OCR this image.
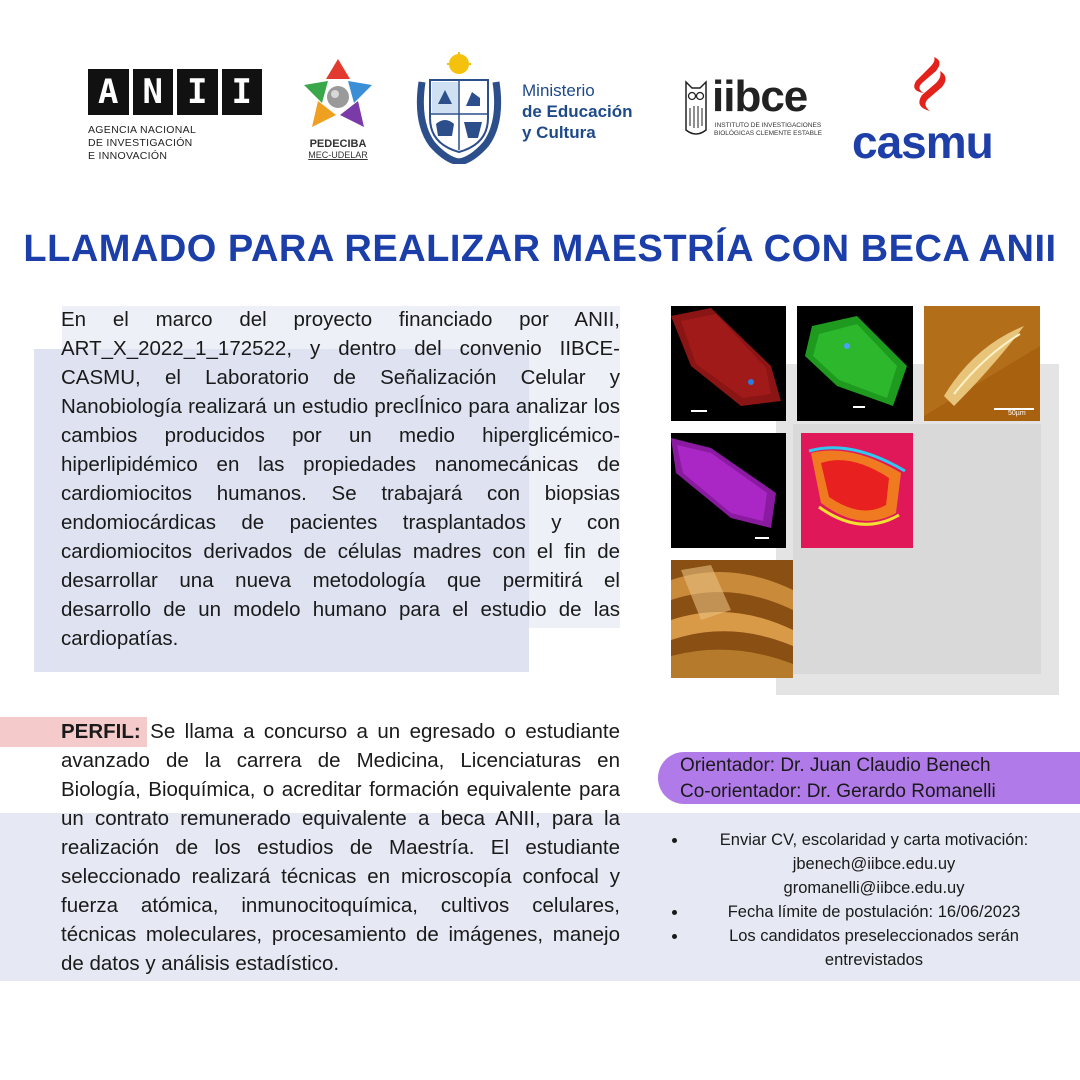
A N I I
AGENCIA NACIONAL
DE INVESTIGACIÓN
E INNOVACIÓN
PEDECIBA
MEC-UDELAR
Ministerio
de Educación
y Cultura
iibce
INSTITUTO DE INVESTIGACIONES BIOLÓGICAS CLEMENTE ESTABLE casmu
LLAMADO PARA REALIZAR MAESTRÍA CON BECA ANII
En el marco del proyecto financiado por ANII, ART_X_2022_1_172522, y dentro del convenio IIBCE-CASMU, el Laboratorio de Señalización Celular y Nanobiología realizará un estudio preclÍnico para analizar los cambios producidos por un medio hiperglicémico-hiperlipidémico en las propiedades nanomecánicas de cardiomiocitos humanos. Se trabajará con biopsias endomiocárdicas de pacientes trasplantados y con cardiomiocitos derivados de células madres con el fin de desarrollar una nueva metodología que permitirá el desarrollo de un modelo humano para el estudio de las cardiopatías.
50µm
PERFIL: Se llama a concurso a un egresado o estudiante avanzado de la carrera de Medicina, Licenciaturas en Biología, Bioquímica, o acreditar formación equivalente para un contrato remunerado equivalente a beca ANII, para la realización de los estudios de Maestría. El estudiante seleccionado realizará técnicas en microscopía confocal y fuerza atómica, inmunocitoquímica, cultivos celulares, técnicas moleculares, procesamiento de imágenes, manejo de datos y análisis estadístico.
Orientador: Dr. Juan Claudio Benech
Co-orientador: Dr. Gerardo Romanelli
• Enviar CV, escolaridad y carta motivación:
jbenech@iibce.edu.uy
gromanelli@iibce.edu.uy
• Fecha límite de postulación: 16/06/2023
• Los candidatos preseleccionados serán entrevistados
